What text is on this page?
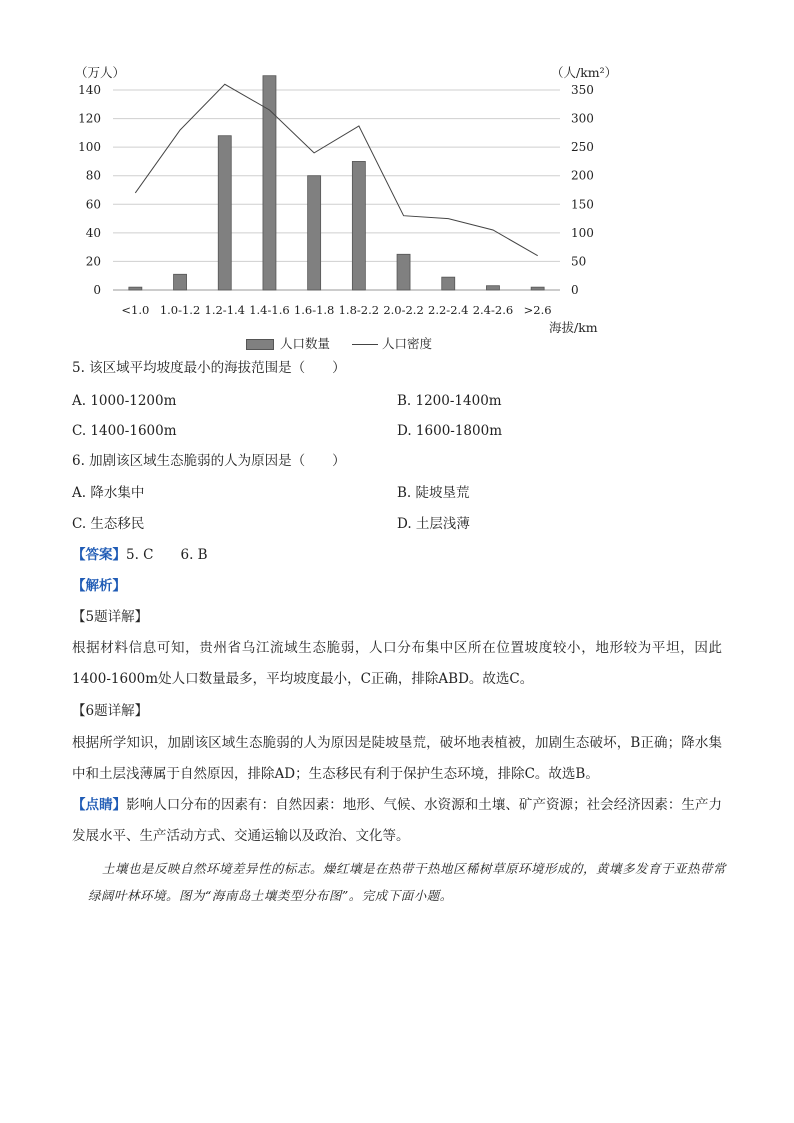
0
20
40
60
80
100
120
140
0
50
100
150
200
250
300
350
<1.0 1.0-1.2 1.2-1.4 1.4-1.6 1.6-1.8 1.8-2.2 2.0-2.2 2.2-2.4 2.4-2.6 >2.6
（万人）	（人/km²）
海拔/km
人口数量	人口密度
5. 该区域平均坡度最小的海拔范围是（　　）
A. 1000-1200m	B. 1200-1400m
C. 1400-1600m	D. 1600-1800m
6. 加剧该区域生态脆弱的人为原因是（　　）
A. 降水集中	B. 陡坡垦荒
C. 生态移民	D. 土层浅薄
【答案】5. C　　6. B
【解析】
【5题详解】
根据材料信息可知，贵州省乌江流域生态脆弱，人口分布集中区所在位置坡度较小，地形较为平坦，因此1400-1600m处人口数量最多，平均坡度最小，C正确，排除ABD。故选C。
【6题详解】
根据所学知识，加剧该区域生态脆弱的人为原因是陡坡垦荒，破坏地表植被，加剧生态破坏，B正确；降水集中和土层浅薄属于自然原因，排除AD；生态移民有利于保护生态环境，排除C。故选B。
【点睛】影响人口分布的因素有：自然因素：地形、气候、水资源和土壤、矿产资源；社会经济因素：生产力发展水平、生产活动方式、交通运输以及政治、文化等。
土壤也是反映自然环境差异性的标志。燥红壤是在热带干热地区稀树草原环境形成的，黄壤多发育于亚热带常绿阔叶林环境。图为“海南岛土壤类型分布图”。完成下面小题。
